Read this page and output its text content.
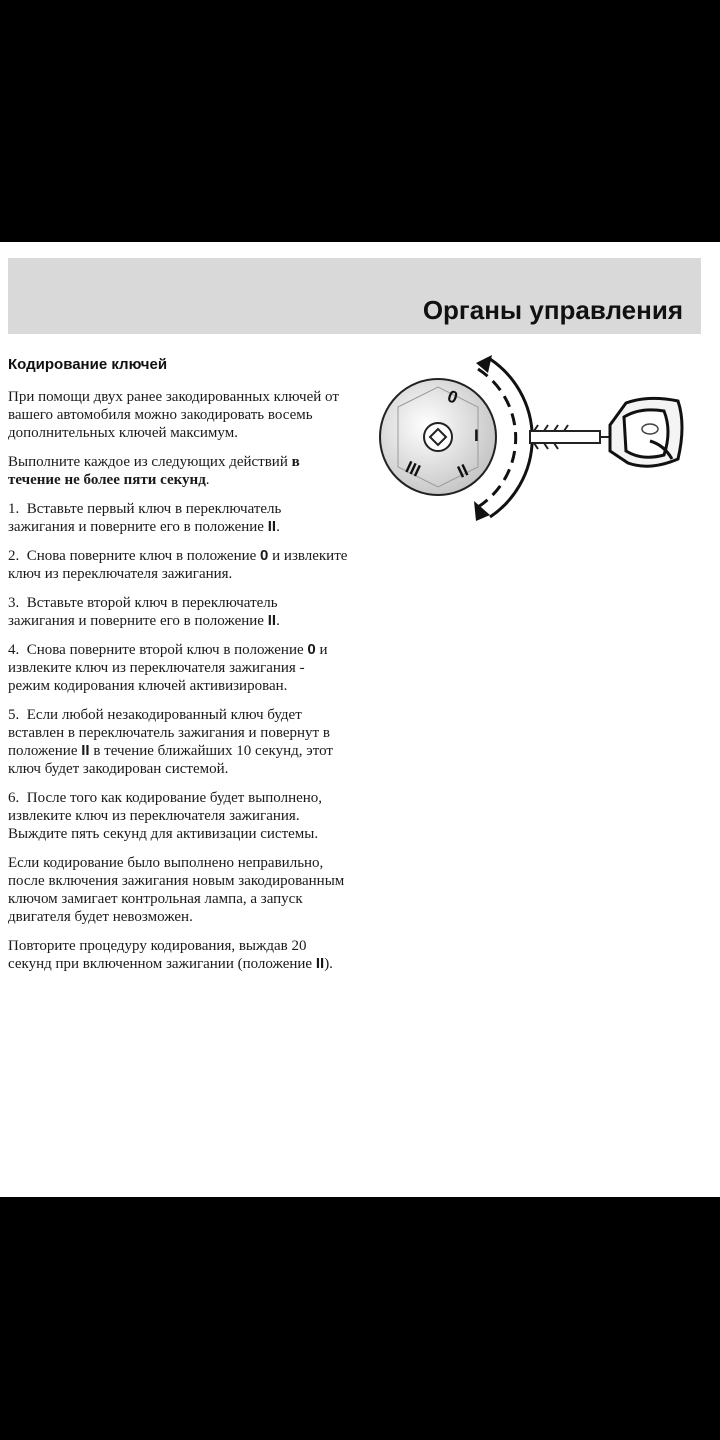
Органы управления
Кодирование ключей

При помощи двух ранее закодированных ключей от вашего автомобиля можно закодировать восемь дополнительных ключей максимум.

Выполните каждое из следующих действий в течение не более пяти секунд.

1. Вставьте первый ключ в переключатель зажигания и поверните его в положение II.

2. Снова поверните ключ в положение 0 и извлеките ключ из переключателя зажигания.

3. Вставьте второй ключ в переключатель зажигания и поверните его в положение II.

4. Снова поверните второй ключ в положение 0 и извлеките ключ из переключателя зажигания - режим кодирования ключей активизирован.

5. Если любой незакодированный ключ будет вставлен в переключатель зажигания и повернут в положение II в течение ближайших 10 секунд, этот ключ будет закодирован системой.

6. После того как кодирование будет выполнено, извлеките ключ из переключателя зажигания. Выждите пять секунд для активизации системы.

Если кодирование было выполнено неправильно, после включения зажигания новым закодированным ключом замигает контрольная лампа, а запуск двигателя будет невозможен.

Повторите процедуру кодирования, выждав 20 секунд при включенном зажигании (положение II).

0
I
II
III
